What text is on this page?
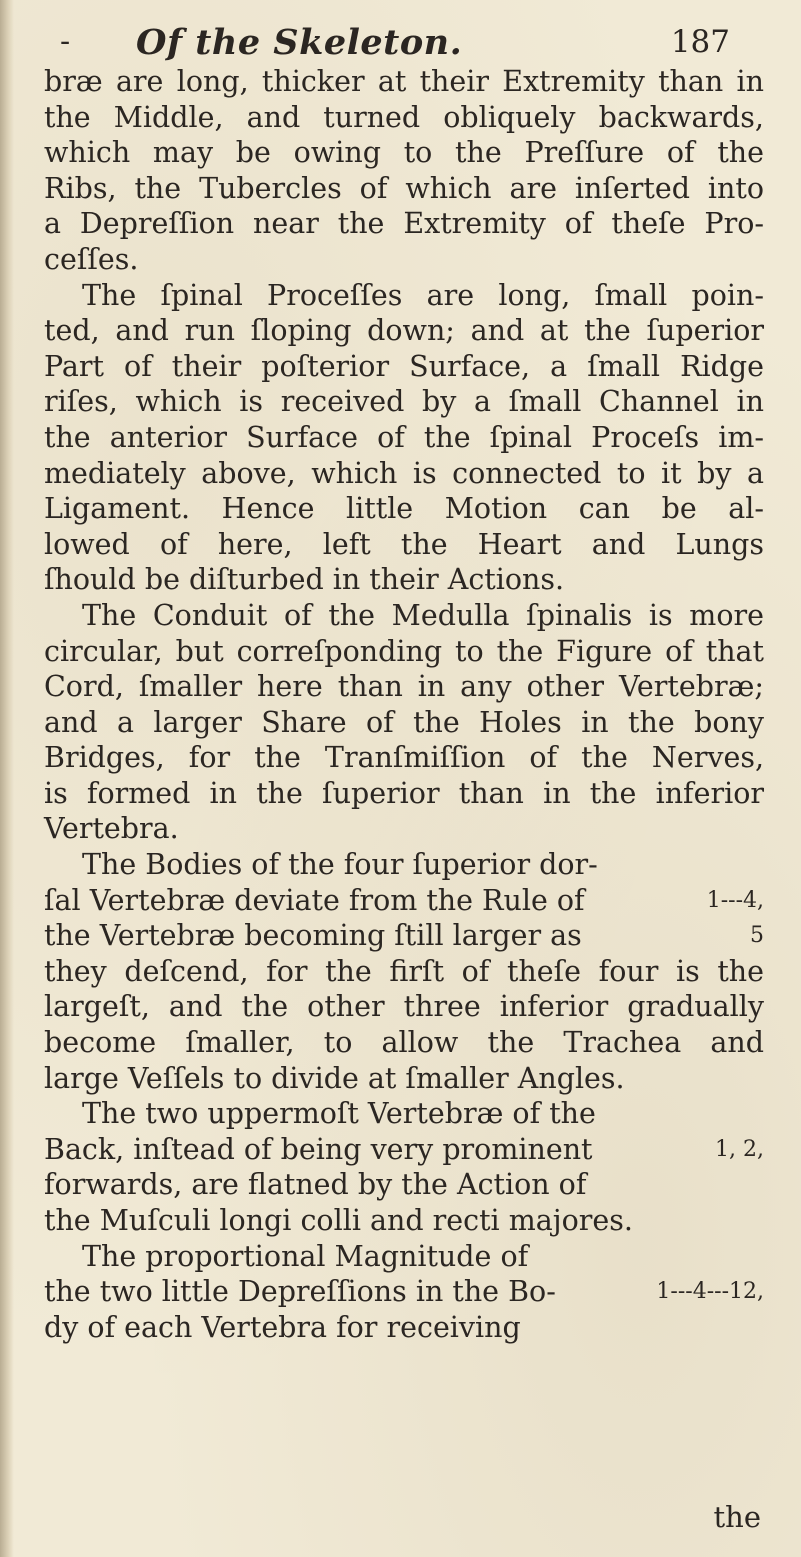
- Of the Skeleton.	187
bræ are long, thicker at their Extremity than in
the Middle, and turned obliquely backwards,
which may be owing to the Preſſure of the
Ribs, the Tubercles of which are inſerted into
a Depreſſion near the Extremity of theſe Pro-
ceſſes.
The ſpinal Proceſſes are long, ſmall poin-
ted, and run ſloping down; and at the ſuperior
Part of their poſterior Surface, a ſmall Ridge
riſes, which is received by a ſmall Channel in
the anterior Surface of the ſpinal Proceſs im-
mediately above, which is connected to it by a
Ligament. Hence little Motion can be al-
lowed of here, left the Heart and Lungs
ſhould be diſturbed in their Actions.
The Conduit of the Medulla ſpinalis is more
circular, but correſponding to the Figure of that
Cord, ſmaller here than in any other Vertebræ;
and a larger Share of the Holes in the bony
Bridges, for the Tranſmiſſion of the Nerves,
is formed in the ſuperior than in the inferior
Vertebra.
The Bodies of the four ſuperior dor-
ſal Vertebræ deviate from the Rule of	1---4,
the Vertebræ becoming ſtill larger as	5
they deſcend, for the firſt of theſe four is the
largeſt, and the other three inferior gradually
become ſmaller, to allow the Trachea and
large Veſſels to divide at ſmaller Angles.
The two uppermoſt Vertebræ of the
Back, inſtead of being very prominent	1, 2,
forwards, are flatned by the Action of
the Muſculi longi colli and recti majores.
The proportional Magnitude of
the two little Depreſſions in the Bo-	1---4---12,
dy of each Vertebra for receiving
the
